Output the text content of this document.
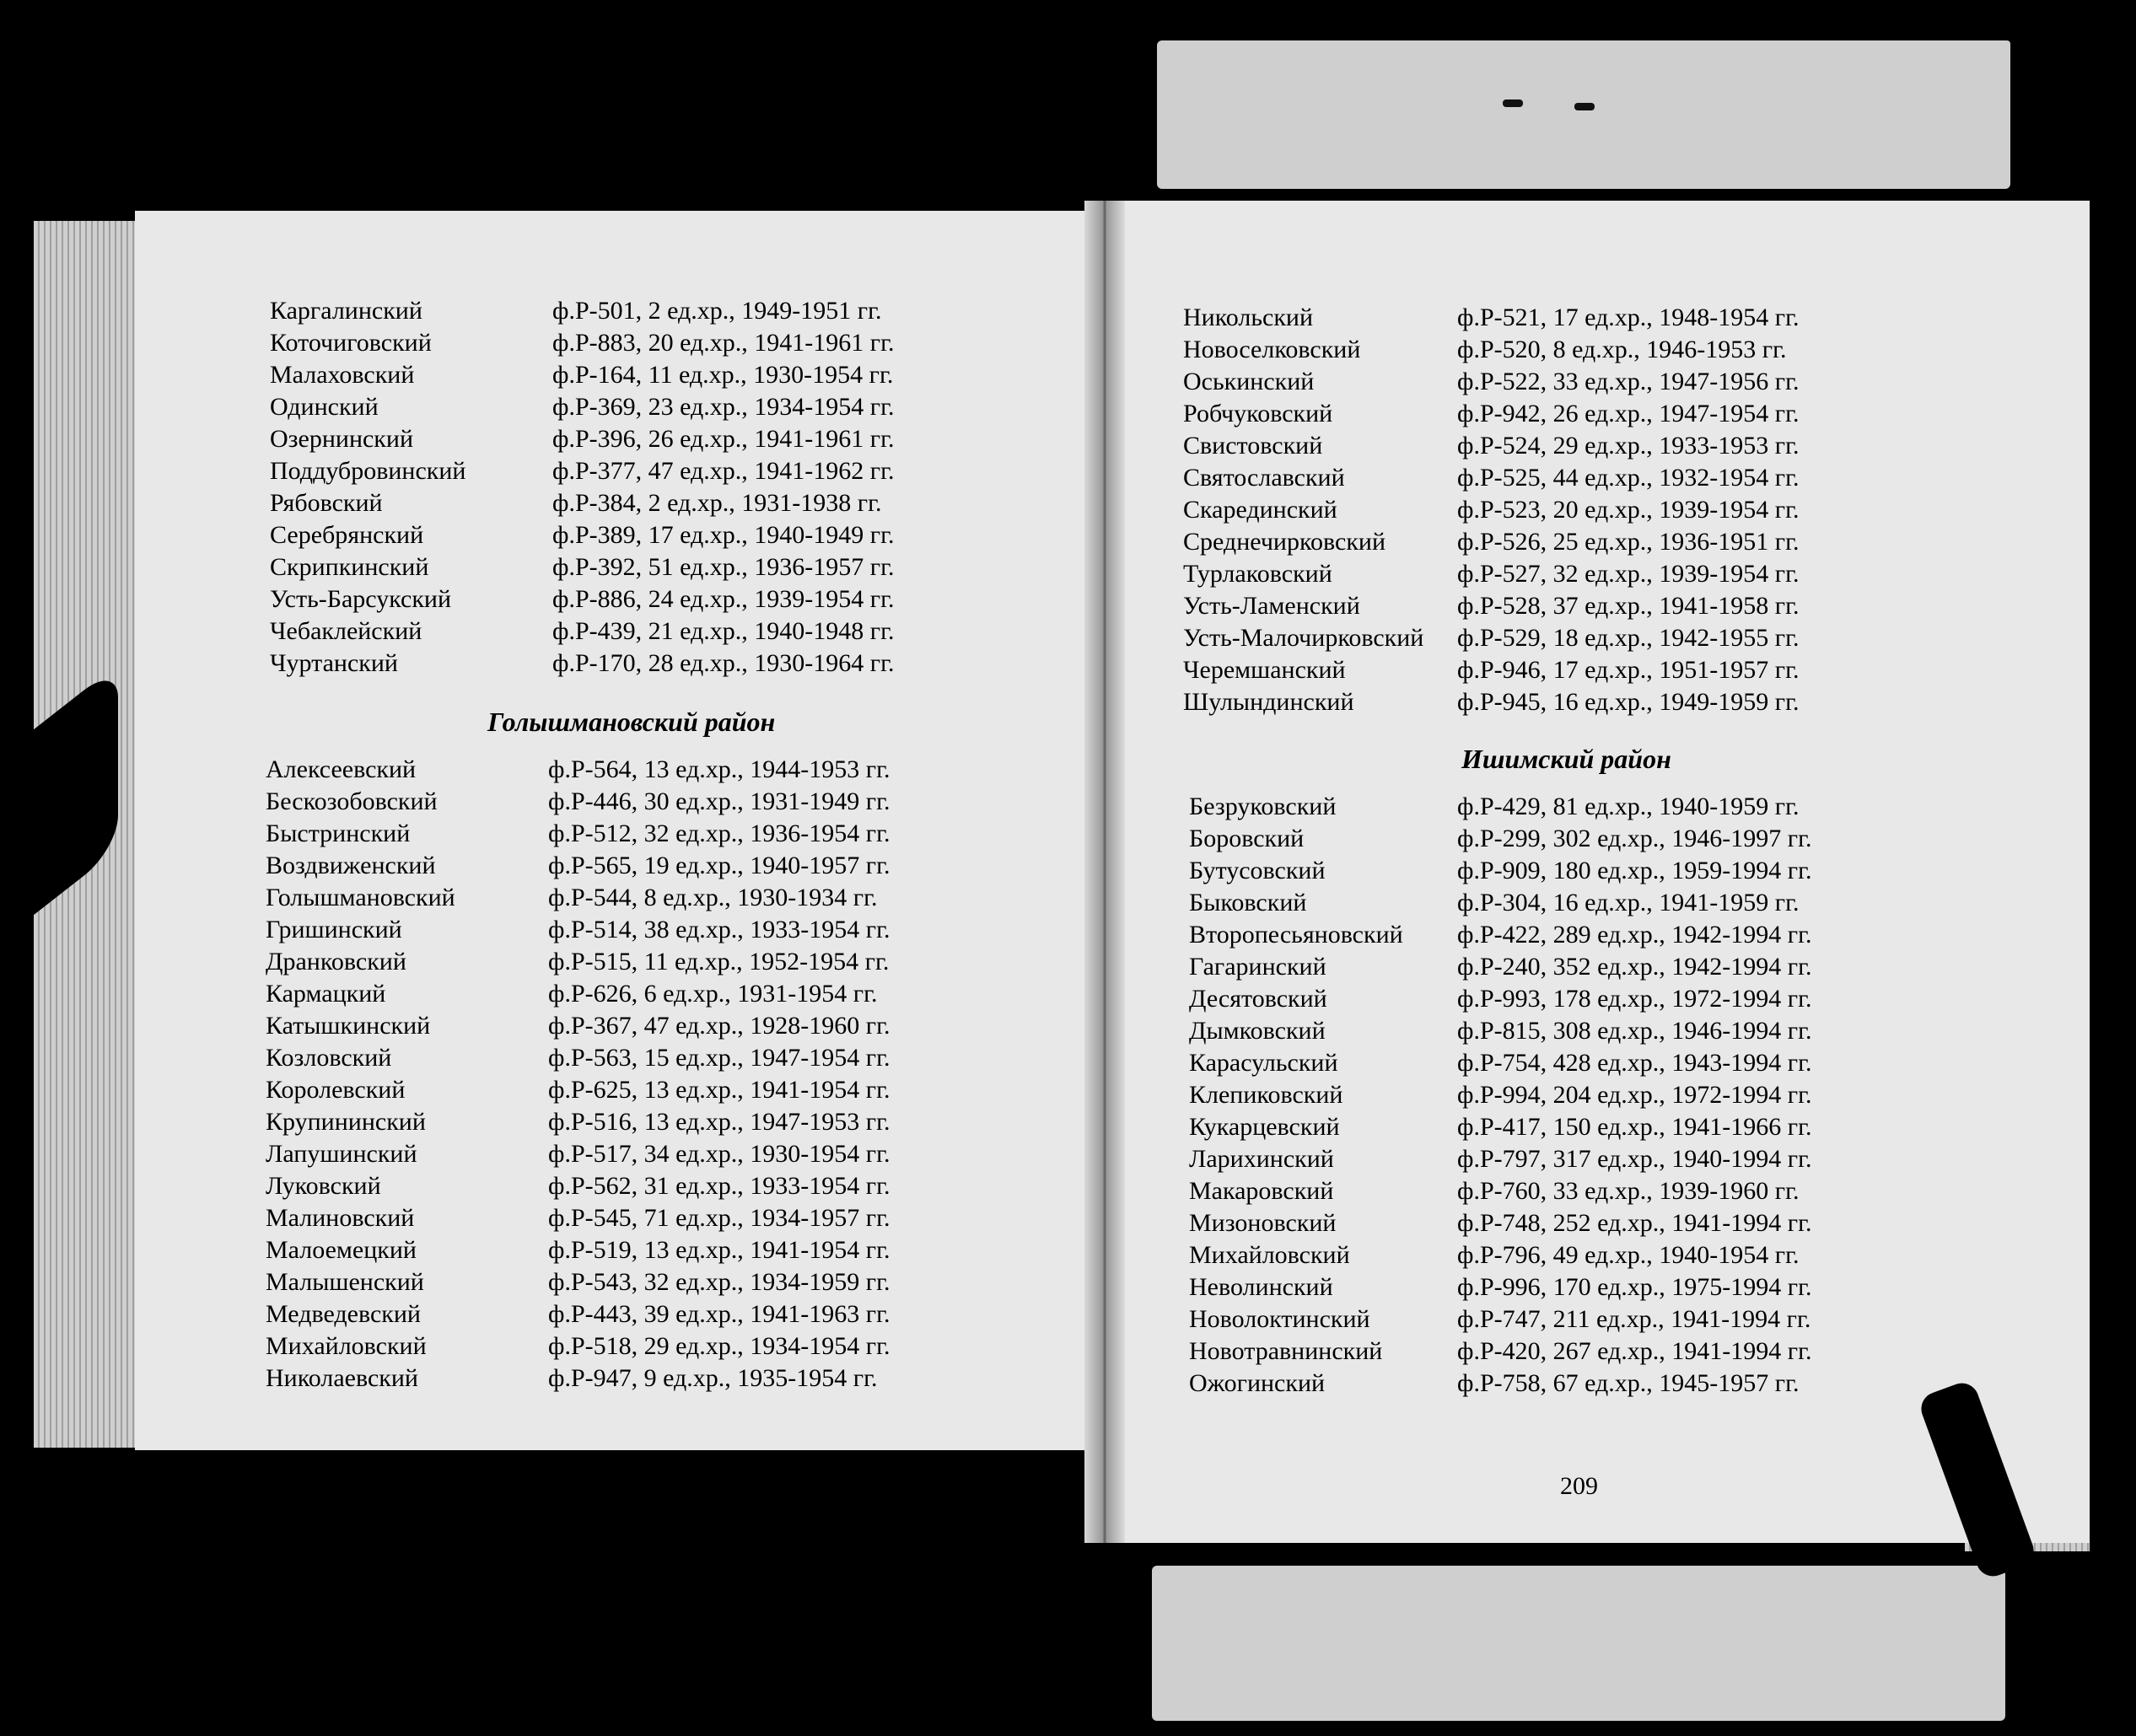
Каргалинский	ф.Р-501, 2 ед.хр., 1949-1951 гг.
Коточиговский	ф.Р-883, 20 ед.хр., 1941-1961 гг.
Малаховский	ф.Р-164, 11 ед.хр., 1930-1954 гг.
Одинский	ф.Р-369, 23 ед.хр., 1934-1954 гг.
Озернинский	ф.Р-396, 26 ед.хр., 1941-1961 гг.
Поддубровинский	ф.Р-377, 47 ед.хр., 1941-1962 гг.
Рябовский	ф.Р-384, 2 ед.хр., 1931-1938 гг.
Серебрянский	ф.Р-389, 17 ед.хр., 1940-1949 гг.
Скрипкинский	ф.Р-392, 51 ед.хр., 1936-1957 гг.
Усть-Барсукский	ф.Р-886, 24 ед.хр., 1939-1954 гг.
Чебаклейский	ф.Р-439, 21 ед.хр., 1940-1948 гг.
Чуртанский	ф.Р-170, 28 ед.хр., 1930-1964 гг.
Голышмановский район
Алексеевский	ф.Р-564, 13 ед.хр., 1944-1953 гг.
Бескозобовский	ф.Р-446, 30 ед.хр., 1931-1949 гг.
Быстринский	ф.Р-512, 32 ед.хр., 1936-1954 гг.
Воздвиженский	ф.Р-565, 19 ед.хр., 1940-1957 гг.
Голышмановский	ф.Р-544, 8 ед.хр., 1930-1934 гг.
Гришинский	ф.Р-514, 38 ед.хр., 1933-1954 гг.
Дранковский	ф.Р-515, 11 ед.хр., 1952-1954 гг.
Кармацкий	ф.Р-626, 6 ед.хр., 1931-1954 гг.
Катышкинский	ф.Р-367, 47 ед.хр., 1928-1960 гг.
Козловский	ф.Р-563, 15 ед.хр., 1947-1954 гг.
Королевский	ф.Р-625, 13 ед.хр., 1941-1954 гг.
Крупининский	ф.Р-516, 13 ед.хр., 1947-1953 гг.
Лапушинский	ф.Р-517, 34 ед.хр., 1930-1954 гг.
Луковский	ф.Р-562, 31 ед.хр., 1933-1954 гг.
Малиновский	ф.Р-545, 71 ед.хр., 1934-1957 гг.
Малоемецкий	ф.Р-519, 13 ед.хр., 1941-1954 гг.
Малышенский	ф.Р-543, 32 ед.хр., 1934-1959 гг.
Медведевский	ф.Р-443, 39 ед.хр., 1941-1963 гг.
Михайловский	ф.Р-518, 29 ед.хр., 1934-1954 гг.
Николаевский	ф.Р-947, 9 ед.хр., 1935-1954 гг.
208
Никольский	ф.Р-521, 17 ед.хр., 1948-1954 гг.
Новоселковский	ф.Р-520, 8 ед.хр., 1946-1953 гг.
Оськинский	ф.Р-522, 33 ед.хр., 1947-1956 гг.
Робчуковский	ф.Р-942, 26 ед.хр., 1947-1954 гг.
Свистовский	ф.Р-524, 29 ед.хр., 1933-1953 гг.
Святославский	ф.Р-525, 44 ед.хр., 1932-1954 гг.
Скарединский	ф.Р-523, 20 ед.хр., 1939-1954 гг.
Среднечирковский	ф.Р-526, 25 ед.хр., 1936-1951 гг.
Турлаковский	ф.Р-527, 32 ед.хр., 1939-1954 гг.
Усть-Ламенский	ф.Р-528, 37 ед.хр., 1941-1958 гг.
Усть-Малочирковский ф.Р-529, 18 ед.хр., 1942-1955 гг.
Черемшанский	ф.Р-946, 17 ед.хр., 1951-1957 гг.
Шулындинский	ф.Р-945, 16 ед.хр., 1949-1959 гг.
Ишимский район
Безруковский	ф.Р-429, 81 ед.хр., 1940-1959 гг.
Боровский	ф.Р-299, 302 ед.хр., 1946-1997 гг.
Бутусовский	ф.Р-909, 180 ед.хр., 1959-1994 гг.
Быковский	ф.Р-304, 16 ед.хр., 1941-1959 гг.
Второпесьяновский ф.Р-422, 289 ед.хр., 1942-1994 гг.
Гагаринский	ф.Р-240, 352 ед.хр., 1942-1994 гг.
Десятовский	ф.Р-993, 178 ед.хр., 1972-1994 гг.
Дымковский	ф.Р-815, 308 ед.хр., 1946-1994 гг.
Карасульский	ф.Р-754, 428 ед.хр., 1943-1994 гг.
Клепиковский	ф.Р-994, 204 ед.хр., 1972-1994 гг.
Кукарцевский	ф.Р-417, 150 ед.хр., 1941-1966 гг.
Ларихинский	ф.Р-797, 317 ед.хр., 1940-1994 гг.
Макаровский	ф.Р-760, 33 ед.хр., 1939-1960 гг.
Мизоновский	ф.Р-748, 252 ед.хр., 1941-1994 гг.
Михайловский	ф.Р-796, 49 ед.хр., 1940-1954 гг.
Неволинский	ф.Р-996, 170 ед.хр., 1975-1994 гг.
Новолоктинский	ф.Р-747, 211 ед.хр., 1941-1994 гг.
Новотравнинский	ф.Р-420, 267 ед.хр., 1941-1994 гг.
Ожогинский	ф.Р-758, 67 ед.хр., 1945-1957 гг.
209
